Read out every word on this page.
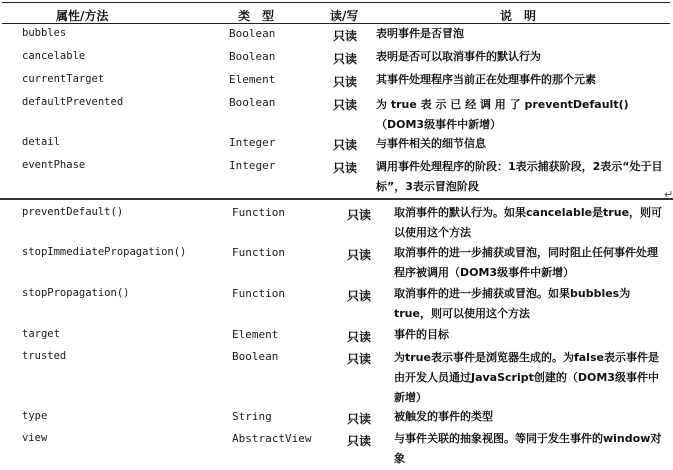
属性/方法	类　型	读/写	说　明
bubbles	Boolean	只读 表明事件是否冒泡
cancelable	Boolean	只读 表明是否可以取消事件的默认行为
currentTarget	Element	只读 其事件处理程序当前正在处理事件的那个元素
defaultPrevented	Boolean	只读 为 true 表 示 已 经 调 用 了 preventDefault() （DOM3级事件中新增）
detail	Integer	只读 与事件相关的细节信息
eventPhase	Integer	只读 调用事件处理程序的阶段：1表示捕获阶段，2表示“处于目标”，3表示冒泡阶段
↵
preventDefault()	Function	只读 取消事件的默认行为。如果cancelable是true，则可以使用这个方法
stopImmediatePropagation()	Function	只读 取消事件的进一步捕获或冒泡，同时阻止任何事件处理程序被调用（DOM3级事件中新增）
stopPropagation()	Function	只读 取消事件的进一步捕获或冒泡。如果bubbles为true，则可以使用这个方法
target	Element	只读 事件的目标
trusted	Boolean	只读 为true表示事件是浏览器生成的。为false表示事件是由开发人员通过JavaScript创建的（DOM3级事件中新增）
type	String	只读 被触发的事件的类型
view	AbstractView	只读 与事件关联的抽象视图。等同于发生事件的window对象
